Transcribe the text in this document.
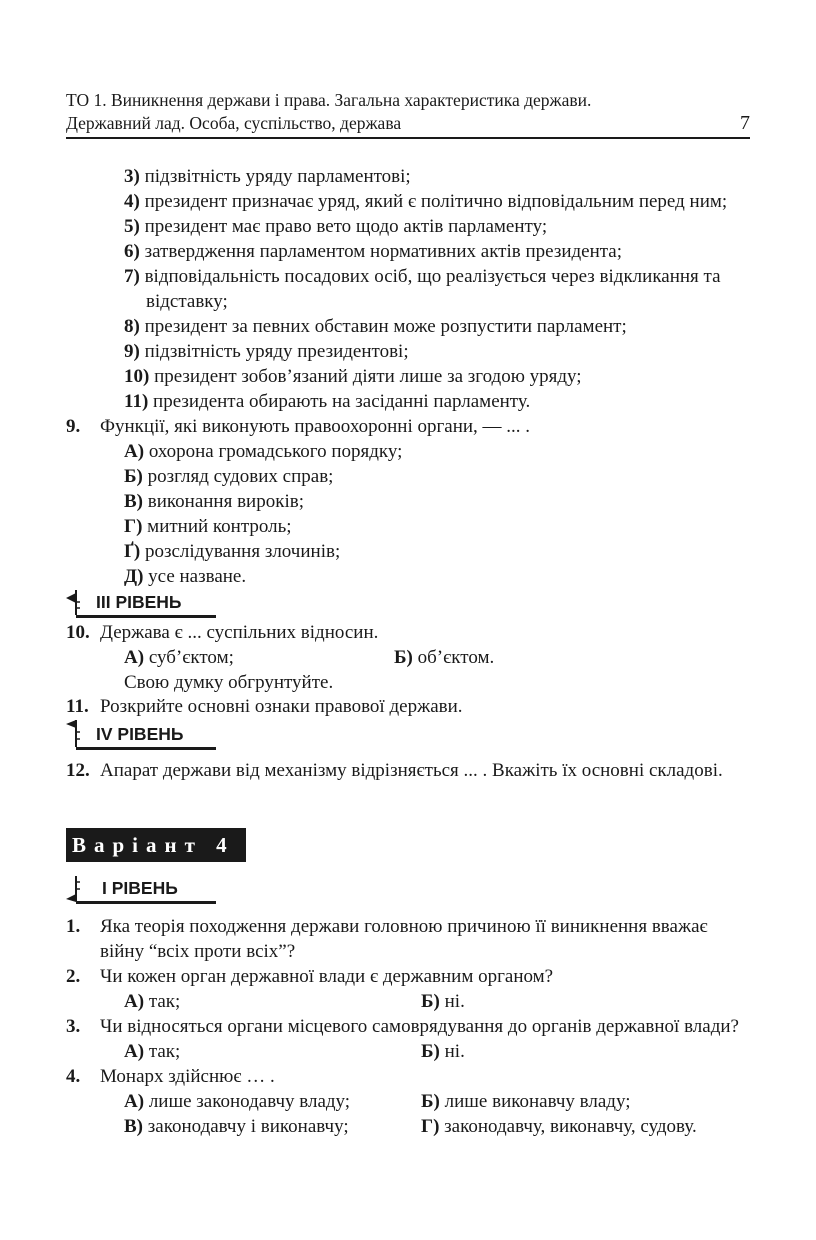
ТО 1. Виникнення держави і права. Загальна характеристика держави.
Державний лад. Особа, суспільство, держава	7
3) підзвітність уряду парламентові;
4) президент призначає уряд, який є політично відповідальним перед ним;
5) президент має право вето щодо актів парламенту;
6) затвердження парламентом нормативних актів президента;
7) відповідальність посадових осіб, що реалізується через відкликання та
відставку;
8) президент за певних обставин може розпустити парламент;
9) підзвітність уряду президентові;
10) президент зобов’язаний діяти лише за згодою уряду;
11) президента обирають на засіданні парламенту.
9. Функції, які виконують правоохоронні органи, — ... .
А) охорона громадського порядку;
Б) розгляд судових справ;
В) виконання вироків;
Г) митний контроль;
Ґ) розслідування злочинів;
Д) усе назване.
III РІВЕНЬ
10. Держава є ... суспільних відносин.
А) суб’єктом;	Б) об’єктом.
Свою думку обгрунтуйте.
11. Розкрийте основні ознаки правової держави.
IV РІВЕНЬ
12. Апарат держави від механізму відрізняється ... . Вкажіть їх основні складові.
Варіант 4
І РІВЕНЬ
1. Яка теорія походження держави головною причиною її виникнення вважає
війну “всіх проти всіх”?
2. Чи кожен орган державної влади є державним органом?
А) так;	Б) ні.
3. Чи відносяться органи місцевого самоврядування до органів державної влади?
А) так;	Б) ні.
4. Монарх здійснює … .
А) лише законодавчу владу;	Б) лише виконавчу владу;
В) законодавчу і виконавчу;	Г) законодавчу, виконавчу, судову.
